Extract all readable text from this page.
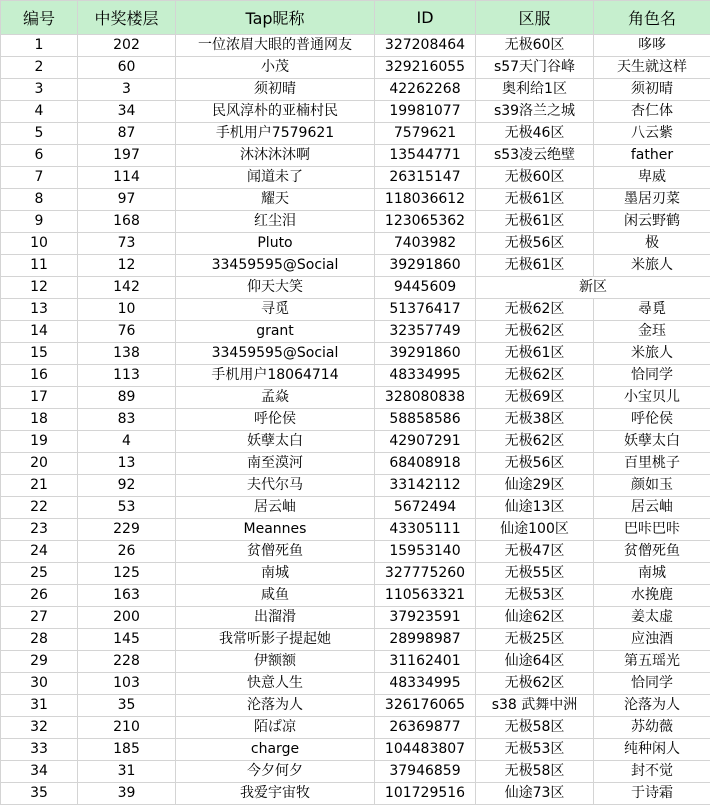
编号	中奖楼层	Tap昵称	ID	区服	角色名
1	202	一位浓眉大眼的普通网友	327208464	无极60区	哆哆
2	60	小茂	329216055	s57天门谷峰	天生就这样
3	3	须初晴	42262268	奥利给1区	须初晴
4	34	民风淳朴的亚楠村民	19981077	s39洛兰之城	杏仁体
5	87	手机用户7579621	7579621	无极46区	八云紫
6	197	沐沐沐沐啊	13544771	s53凌云绝壁	father
7	114	闻道未了	26315147	无极60区	卑威
8	97	耀天	118036612	无极61区	墨居刃菜
9	168	红尘泪	123065362	无极61区	闲云野鹤
10	73	Pluto	7403982	无极56区	极
11	12	33459595@Social	39291860	无极61区	米旅人
12	142	仰天大笑	9445609	新区	
13	10	寻觅	51376417	无极62区	尋覓
14	76	grant	32357749	无极62区	金珏
15	138	33459595@Social	39291860	无极61区	米旅人
16	113	手机用户18064714	48334995	无极62区	恰同学
17	89	孟焱	328080838	无极69区	小宝贝儿
18	83	呼伦侯	58858586	无极38区	呼伦侯
19	4	妖孽太白	42907291	无极62区	妖孽太白
20	13	南至漠河	68408918	无极56区	百里桃子
21	92	夫代尔马	33142112	仙途29区	颜如玉
22	53	居云岫	5672494	仙途13区	居云岫
23	229	Meannes	43305111	仙途100区	巴咔巴咔
24	26	贫僧死鱼	15953140	无极47区	贫僧死鱼
25	125	南城	327775260	无极55区	南城
26	163	咸鱼	110563321	无极53区	水挽鹿
27	200	出溜滑	37923591	仙途62区	姜太虚
28	145	我常听影子提起她	28998987	无极25区	应浊酒
29	228	伊额额	31162401	仙途64区	第五瑶光
30	103	快意人生	48334995	无极62区	恰同学
31	35	沦落为人	326176065	s38 武舞中洲	沦落为人
32	210	陌ぱ凉	26369877	无极58区	苏幼薇
33	185	charge	104483807	无极53区	纯种闲人
34	31	今夕何夕	37946859	无极58区	封不觉
35	39	我爱宇宙牧	101729516	仙途73区	于诗霜
